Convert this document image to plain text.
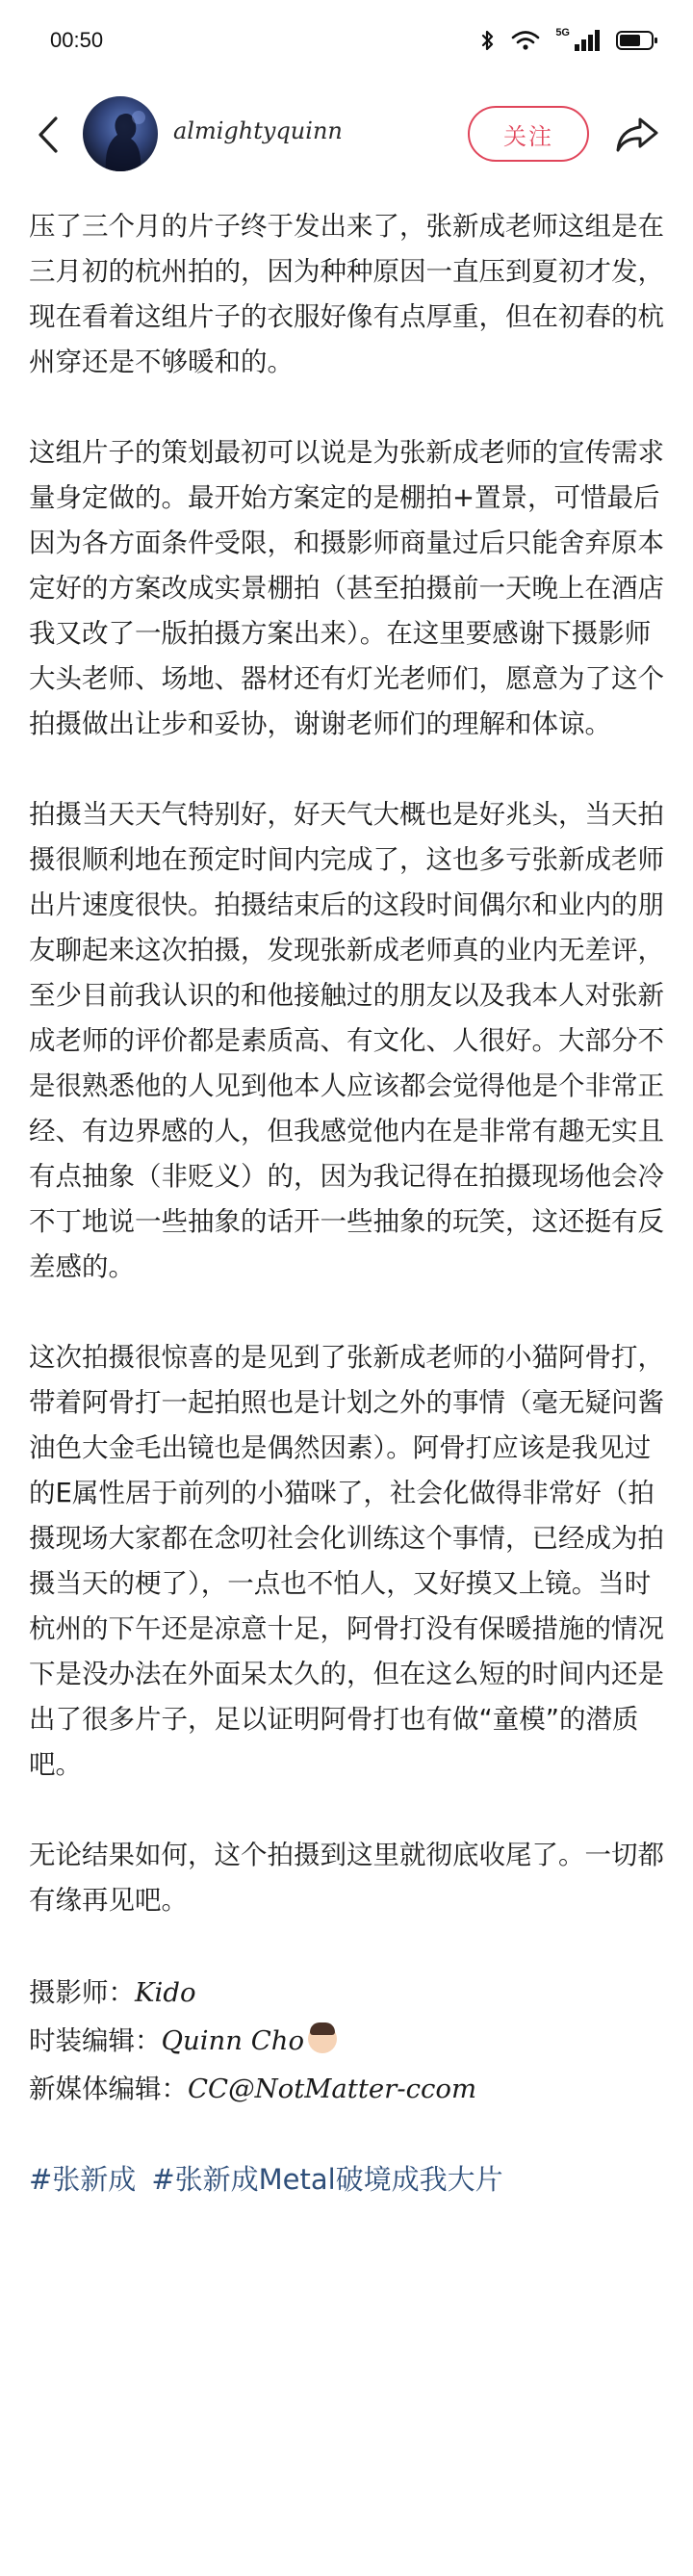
00:50	5G
almightyquinn	关注

压了三个月的片子终于发出来了，张新成老师这组是在三月初的杭州拍的，因为种种原因一直压到夏初才发，现在看着这组片子的衣服好像有点厚重，但在初春的杭州穿还是不够暖和的。

这组片子的策划最初可以说是为张新成老师的宣传需求量身定做的。最开始方案定的是棚拍+置景，可惜最后因为各方面条件受限，和摄影师商量过后只能舍弃原本定好的方案改成实景棚拍（甚至拍摄前一天晚上在酒店我又改了一版拍摄方案出来）。在这里要感谢下摄影师大头老师、场地、器材还有灯光老师们，愿意为了这个拍摄做出让步和妥协，谢谢老师们的理解和体谅。

拍摄当天天气特别好，好天气大概也是好兆头，当天拍摄很顺利地在预定时间内完成了，这也多亏张新成老师出片速度很快。拍摄结束后的这段时间偶尔和业内的朋友聊起来这次拍摄，发现张新成老师真的业内无差评，至少目前我认识的和他接触过的朋友以及我本人对张新成老师的评价都是素质高、有文化、人很好。大部分不是很熟悉他的人见到他本人应该都会觉得他是个非常正经、有边界感的人，但我感觉他内在是非常有趣无实且有点抽象（非贬义）的，因为我记得在拍摄现场他会冷不丁地说一些抽象的话开一些抽象的玩笑，这还挺有反差感的。

这次拍摄很惊喜的是见到了张新成老师的小猫阿骨打，带着阿骨打一起拍照也是计划之外的事情（毫无疑问酱油色大金毛出镜也是偶然因素）。阿骨打应该是我见过的E属性居于前列的小猫咪了，社会化做得非常好（拍摄现场大家都在念叨社会化训练这个事情，已经成为拍摄当天的梗了），一点也不怕人，又好摸又上镜。当时杭州的下午还是凉意十足，阿骨打没有保暖措施的情况下是没办法在外面呆太久的，但在这么短的时间内还是出了很多片子，足以证明阿骨打也有做“童模”的潜质吧。

无论结果如何，这个拍摄到这里就彻底收尾了。一切都有缘再见吧。

摄影师：Kido
时装编辑：Quinn Cho
新媒体编辑：CC@NotMatter-ccom
#张新成 #张新成Metal破境成我大片
